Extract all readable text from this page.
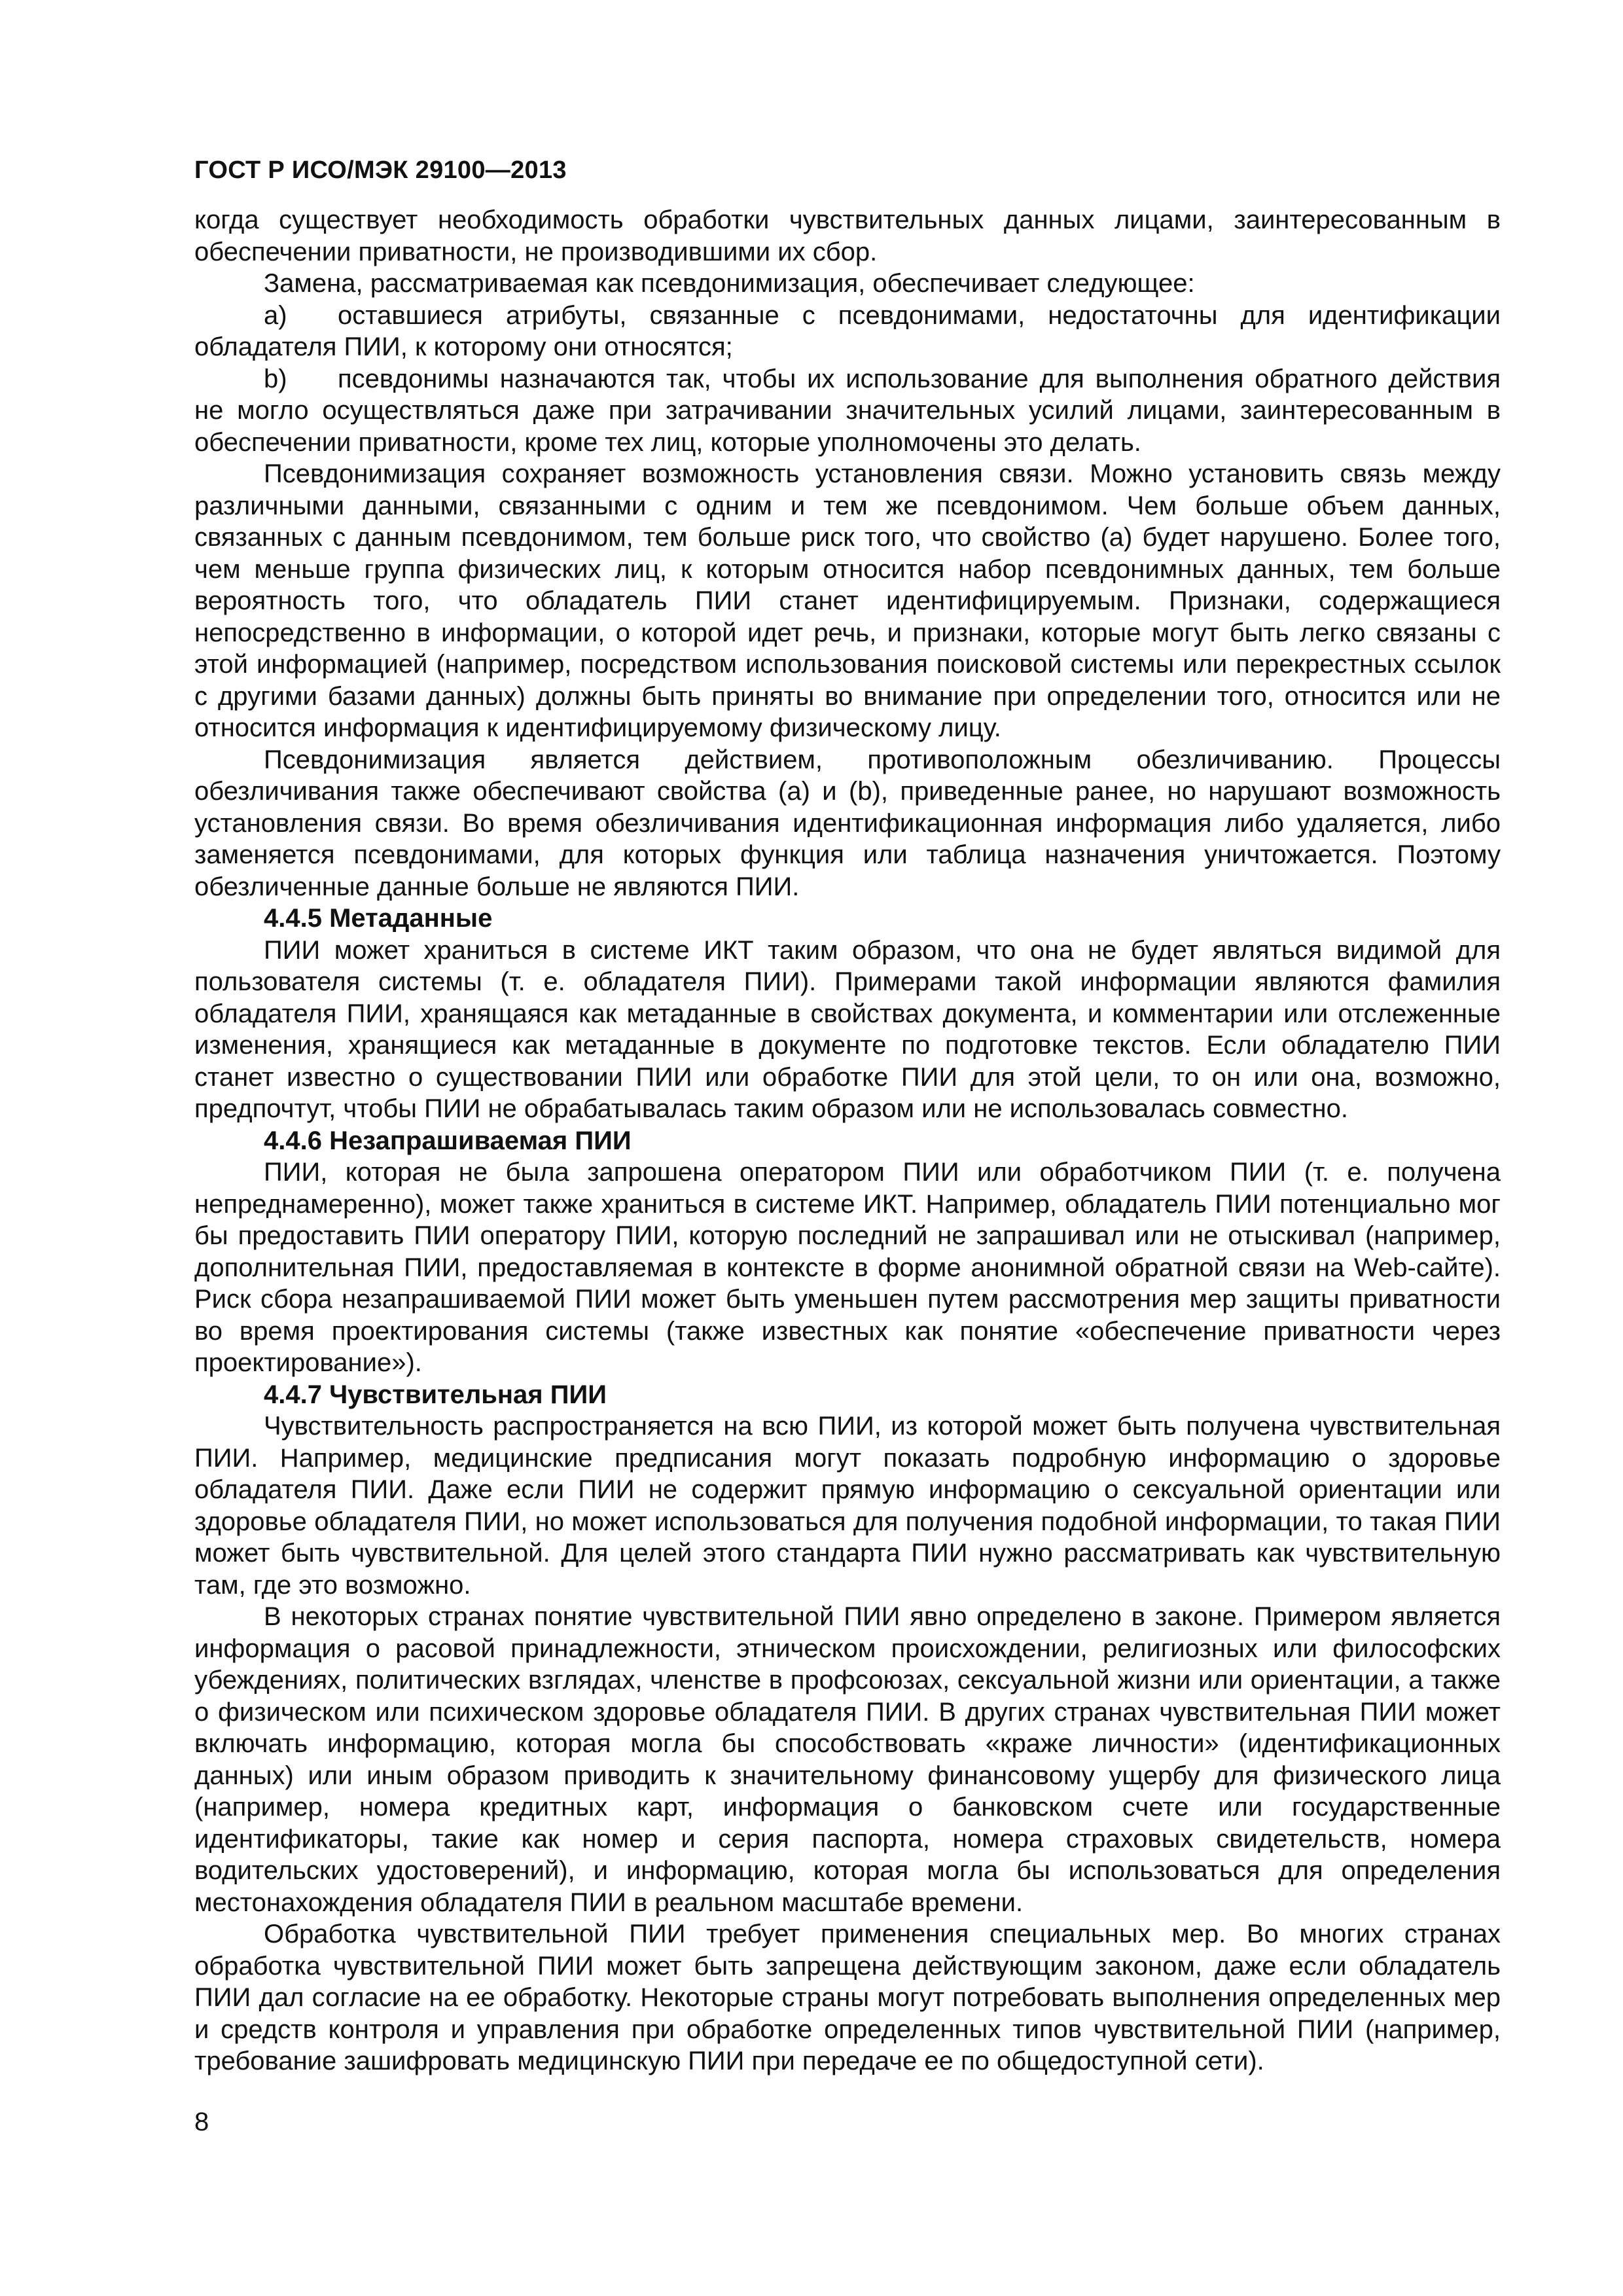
ГОСТ Р ИСО/МЭК 29100—2013

когда существует необходимость обработки чувствительных данных лицами, заинтересованным в обеспечении приватности, не производившими их сбор.

Замена, рассматриваемая как псевдонимизация, обеспечивает следующее:

a) оставшиеся атрибуты, связанные с псевдонимами, недостаточны для идентификации обладателя ПИИ, к которому они относятся;

b) псевдонимы назначаются так, чтобы их использование для выполнения обратного действия не могло осуществляться даже при затрачивании значительных усилий лицами, заинтересованным в обеспечении приватности, кроме тех лиц, которые уполномочены это делать.

Псевдонимизация сохраняет возможность установления связи. Можно установить связь между различными данными, связанными с одним и тем же псевдонимом. Чем больше объем данных, связанных с данным псевдонимом, тем больше риск того, что свойство (а) будет нарушено. Более того, чем меньше группа физических лиц, к которым относится набор псевдонимных данных, тем больше вероятность того, что обладатель ПИИ станет идентифицируемым. Признаки, содержащиеся непосредственно в информации, о которой идет речь, и признаки, которые могут быть легко связаны с этой информацией (например, посредством использования поисковой системы или перекрестных ссылок с другими базами данных) должны быть приняты во внимание при определении того, относится или не относится информация к идентифицируемому физическому лицу.

Псевдонимизация является действием, противоположным обезличиванию. Процессы обезличивания также обеспечивают свойства (а) и (b), приведенные ранее, но нарушают возможность установления связи. Во время обезличивания идентификационная информация либо удаляется, либо заменяется псевдонимами, для которых функция или таблица назначения уничтожается. Поэтому обезличенные данные больше не являются ПИИ.

4.4.5 Метаданные

ПИИ может храниться в системе ИКТ таким образом, что она не будет являться видимой для пользователя системы (т. е. обладателя ПИИ). Примерами такой информации являются фамилия обладателя ПИИ, хранящаяся как метаданные в свойствах документа, и комментарии или отслеженные изменения, хранящиеся как метаданные в документе по подготовке текстов. Если обладателю ПИИ станет известно о существовании ПИИ или обработке ПИИ для этой цели, то он или она, возможно, предпочтут, чтобы ПИИ не обрабатывалась таким образом или не использовалась совместно.

4.4.6 Незапрашиваемая ПИИ

ПИИ, которая не была запрошена оператором ПИИ или обработчиком ПИИ (т. е. получена непреднамеренно), может также храниться в системе ИКТ. Например, обладатель ПИИ потенциально мог бы предоставить ПИИ оператору ПИИ, которую последний не запрашивал или не отыскивал (например, дополнительная ПИИ, предоставляемая в контексте в форме анонимной обратной связи на Web-сайте). Риск сбора незапрашиваемой ПИИ может быть уменьшен путем рассмотрения мер защиты приватности во время проектирования системы (также известных как понятие «обеспечение приватности через проектирование»).

4.4.7 Чувствительная ПИИ

Чувствительность распространяется на всю ПИИ, из которой может быть получена чувствительная ПИИ. Например, медицинские предписания могут показать подробную информацию о здоровье обладателя ПИИ. Даже если ПИИ не содержит прямую информацию о сексуальной ориентации или здоровье обладателя ПИИ, но может использоваться для получения подобной информации, то такая ПИИ может быть чувствительной. Для целей этого стандарта ПИИ нужно рассматривать как чувствительную там, где это возможно.

В некоторых странах понятие чувствительной ПИИ явно определено в законе. Примером является информация о расовой принадлежности, этническом происхождении, религиозных или философских убеждениях, политических взглядах, членстве в профсоюзах, сексуальной жизни или ориентации, а также о физическом или психическом здоровье обладателя ПИИ. В других странах чувствительная ПИИ может включать информацию, которая могла бы способствовать «краже личности» (идентификационных данных) или иным образом приводить к значительному финансовому ущербу для физического лица (например, номера кредитных карт, информация о банковском счете или государственные идентификаторы, такие как номер и серия паспорта, номера страховых свидетельств, номера водительских удостоверений), и информацию, которая могла бы использоваться для определения местонахождения обладателя ПИИ в реальном масштабе времени.

Обработка чувствительной ПИИ требует применения специальных мер. Во многих странах обработка чувствительной ПИИ может быть запрещена действующим законом, даже если обладатель ПИИ дал согласие на ее обработку. Некоторые страны могут потребовать выполнения определенных мер и средств контроля и управления при обработке определенных типов чувствительной ПИИ (например, требование зашифровать медицинскую ПИИ при передаче ее по общедоступной сети).

8
